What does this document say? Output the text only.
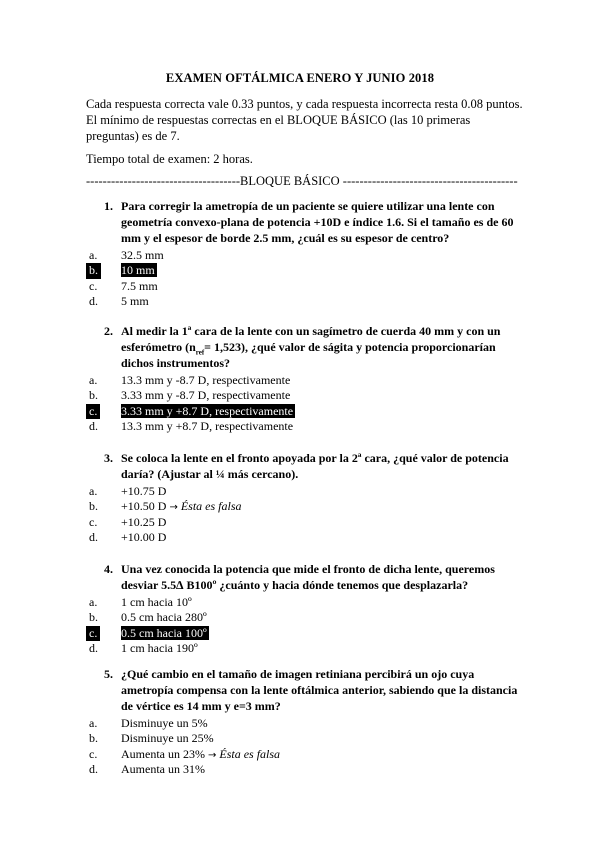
EXAMEN OFTÁLMICA ENERO Y JUNIO 2018
Cada respuesta correcta vale 0.33 puntos, y cada respuesta incorrecta resta 0.08 puntos. El mínimo de respuestas correctas en el BLOQUE BÁSICO (las 10 primeras preguntas) es de 7.
Tiempo total de examen: 2 horas.
-------------------------------------BLOQUE BÁSICO ------------------------------------------
1. Para corregir la ametropía de un paciente se quiere utilizar una lente con geometría convexo-plana de potencia +10D e índice 1.6. Si el tamaño es de 60 mm y el espesor de borde 2.5 mm, ¿cuál es su espesor de centro?
a. 32.5 mm
b. 10 mm
c. 7.5 mm
d. 5 mm
2. Al medir la 1ª cara de la lente con un sagímetro de cuerda 40 mm y con un esferómetro $(n_{ref}= 1,523)$, ¿qué valor de ságita y potencia proporcionarían dichos instrumentos?
a. 13.3 mm y -8.7 D, respectivamente
b. 3.33 mm y -8.7 D, respectivamente
c. 3.33 mm y +8.7 D, respectivamente
d. 13.3 mm y +8.7 D, respectivamente
3. Se coloca la lente en el fronto apoyada por la 2ª cara, ¿qué valor de potencia daría? (Ajustar al ¼ más cercano).
a. +10.75 D
b. +10.50 D → Ésta es falsa
c. +10.25 D
d. +10.00 D
4. Una vez conocida la potencia que mide el fronto de dicha lente, queremos desviar 5.5∆ B100º ¿cuánto y hacia dónde tenemos que desplazarla?
a. 1 cm hacia 10º
b. 0.5 cm hacia 280º
c. 0.5 cm hacia 100º
d. 1 cm hacia 190º
5. ¿Qué cambio en el tamaño de imagen retiniana percibirá un ojo cuya ametropía compensa con la lente oftálmica anterior, sabiendo que la distancia de vértice es 14 mm y e=3 mm?
a. Disminuye un 5%
b. Disminuye un 25%
c. Aumenta un 23% → Ésta es falsa
d. Aumenta un 31%
